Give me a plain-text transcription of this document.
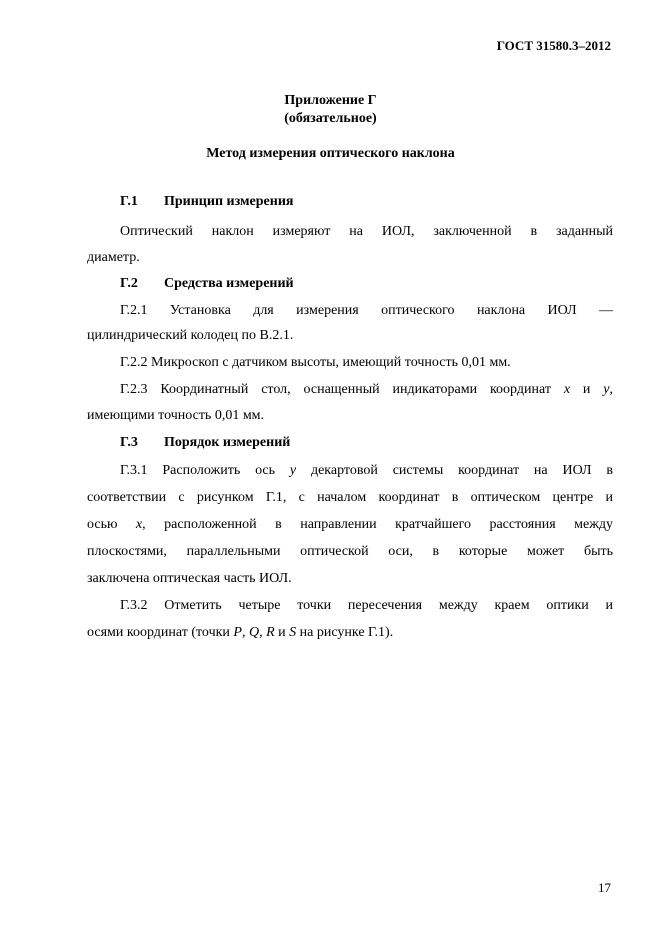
ГОСТ 31580.3–2012
Приложение Г
(обязательное)
Метод измерения оптического наклона
Г.1 Принцип измерения
Оптический наклон измеряют на ИОЛ, заключенной в заданный
диаметр.
Г.2 Средства измерений
Г.2.1 Установка для измерения оптического наклона ИОЛ —
цилиндрический колодец по В.2.1.
Г.2.2 Микроскоп с датчиком высоты, имеющий точность 0,01 мм.
Г.2.3 Координатный стол, оснащенный индикаторами координат x и y,
имеющими точность 0,01 мм.
Г.3 Порядок измерений
Г.3.1 Расположить ось y декартовой системы координат на ИОЛ в
соответствии с рисунком Г.1, с началом координат в оптическом центре и
осью x, расположенной в направлении кратчайшего расстояния между
плоскостями, параллельными оптической оси, в которые может быть
заключена оптическая часть ИОЛ.
Г.3.2 Отметить четыре точки пересечения между краем оптики и
осями координат (точки P, Q, R и S на рисунке Г.1).
17
